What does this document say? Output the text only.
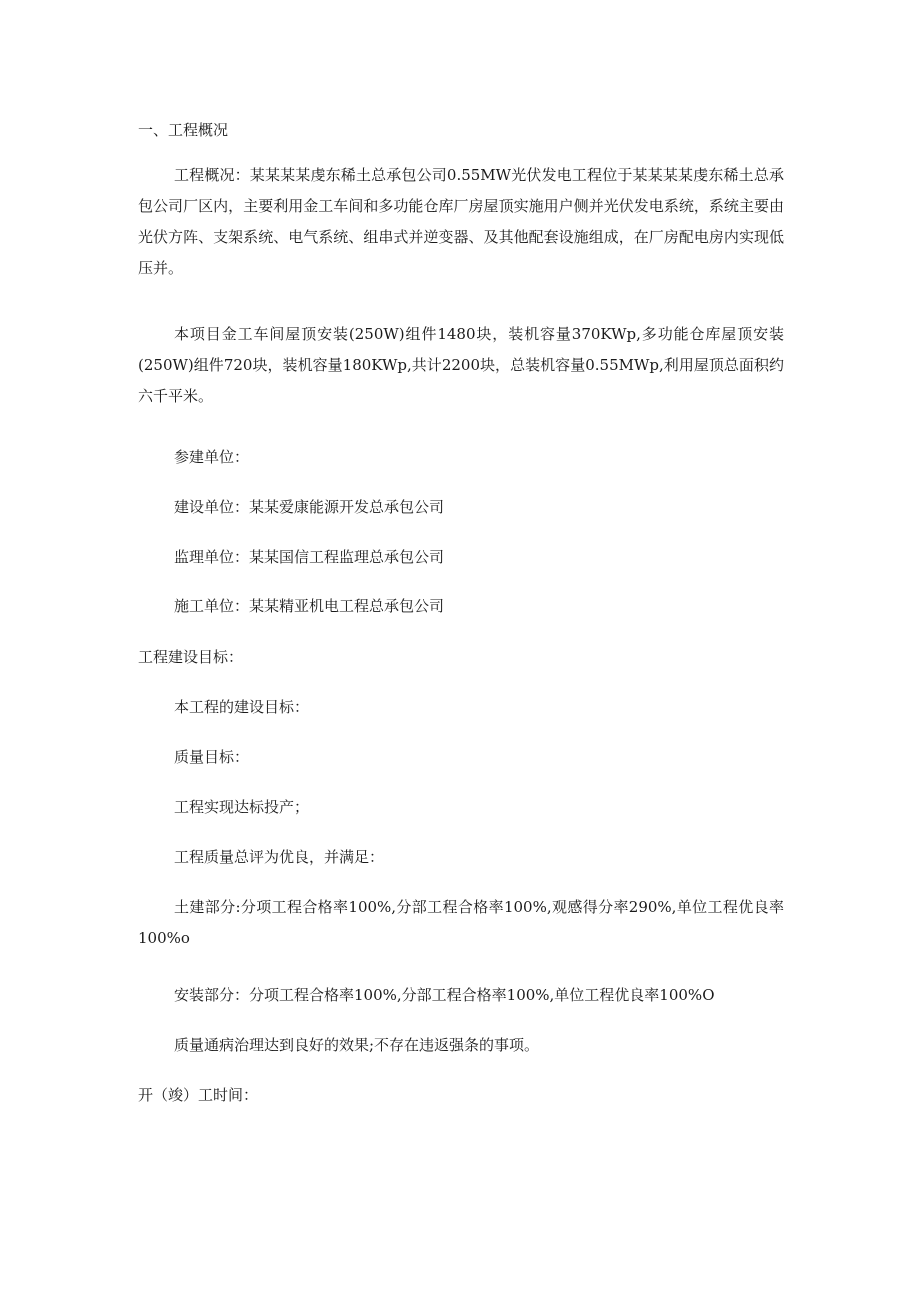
一、工程概况

工程概况：某某某某虔东稀土总承包公司0.55MW光伏发电工程位于某某某某虔东稀土总承包公司厂区内，主要利用金工车间和多功能仓库厂房屋顶实施用户侧并光伏发电系统，系统主要由光伏方阵、支架系统、电气系统、组串式并逆变器、及其他配套设施组成，在厂房配电房内实现低压并。

本项目金工车间屋顶安装(250W)组件1480块，装机容量370KWp,多功能仓库屋顶安装(250W)组件720块，装机容量180KWp,共计2200块，总装机容量0.55MWp,利用屋顶总面积约六千平米。

参建单位：

建设单位：某某爱康能源开发总承包公司

监理单位：某某国信工程监理总承包公司

施工单位：某某精亚机电工程总承包公司

工程建设目标：

本工程的建设目标：

质量目标：

工程实现达标投产；

工程质量总评为优良，并满足：

土建部分:分项工程合格率100%,分部工程合格率100%,观感得分率290%,单位工程优良率100%o

安装部分：分项工程合格率100%,分部工程合格率100%,单位工程优良率100%O

质量通病治理达到良好的效果;不存在违返强条的事项。

开（竣）工时间：
